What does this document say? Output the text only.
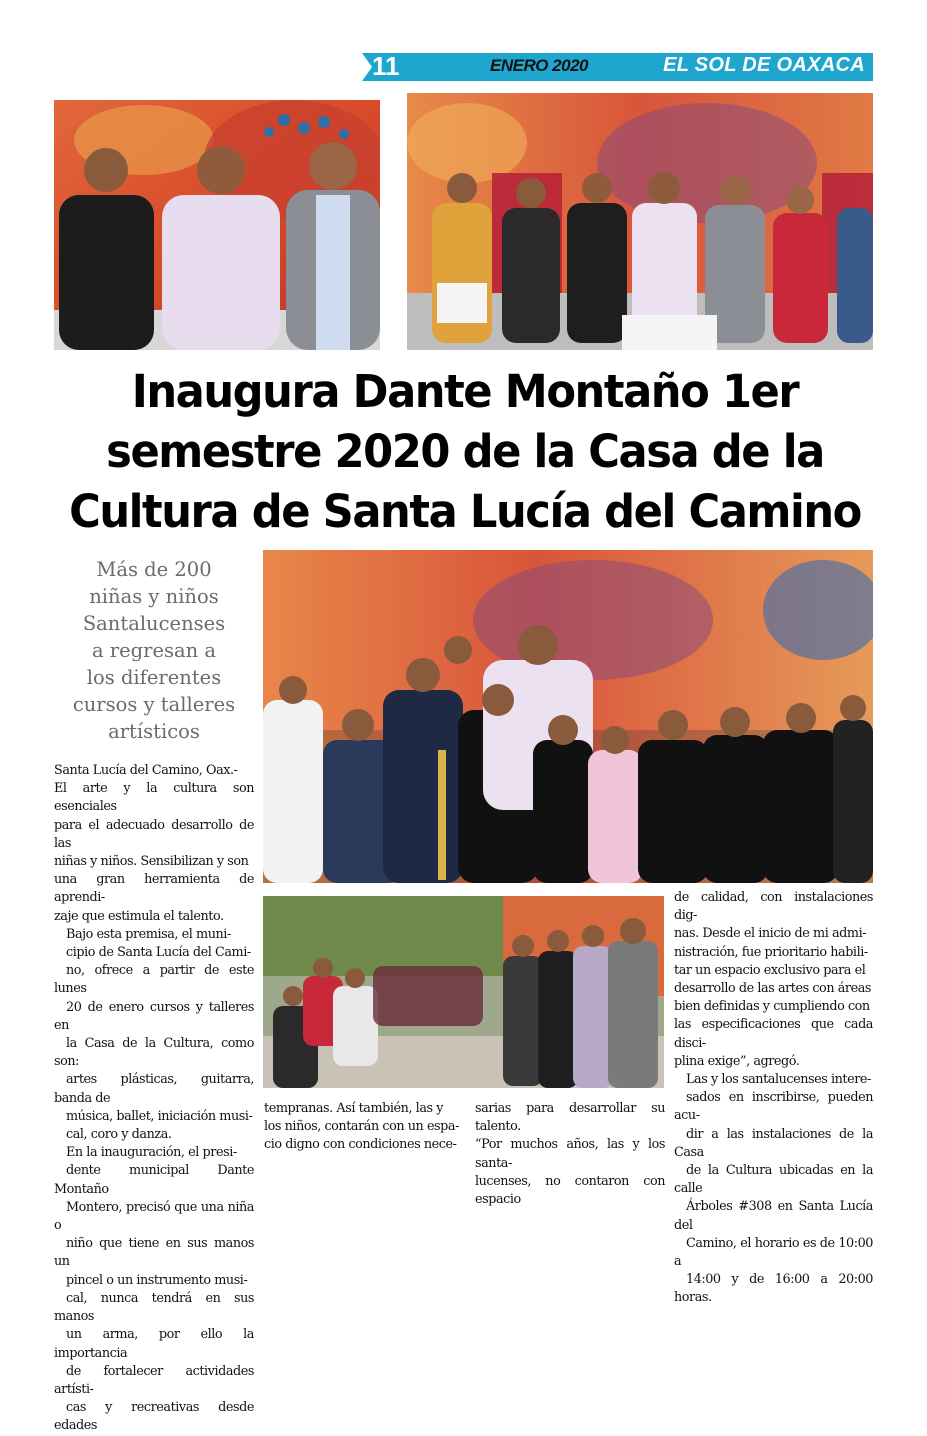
11	ENERO 2020	EL SOL DE OAXACA
Inaugura Dante Montaño 1er
semestre 2020 de la Casa de la
Cultura de Santa Lucía del Camino
Más de 200
niñas y niños
Santalucenses
a regresan a
los diferentes
cursos y talleres
artísticos

Santa Lucía del Camino, Oax.-
El arte y la cultura son esenciales
para el adecuado desarrollo de las
niñas y niños. Sensibilizan y son
una gran herramienta de aprendi-
zaje que estimula el talento.

Bajo esta premisa, el muni-
cipio de Santa Lucía del Cami-
no, ofrece a partir de este lunes
20 de enero cursos y talleres en
la Casa de la Cultura, como son:
artes plásticas, guitarra, banda de
música, ballet, iniciación musi-
cal, coro y danza.

En la inauguración, el presi-
dente municipal Dante Montaño
Montero, precisó que una niña o
niño que tiene en sus manos un
pincel o un instrumento musi-
cal, nunca tendrá en sus manos
un arma, por ello la importancia
de fortalecer actividades artísti-
cas y recreativas desde edades

tempranas. Así también, las y
los niños, contarán con un espa-
cio digno con condiciones nece-

sarias para desarrollar su talento.
“Por muchos años, las y los santa-
lucenses, no contaron con espacio

de calidad, con instalaciones dig-
nas. Desde el inicio de mi admi-
nistración, fue prioritario habili-
tar un espacio exclusivo para el
desarrollo de las artes con áreas
bien definidas y cumpliendo con
las especificaciones que cada disci-
plina exige”, agregó.

Las y los santalucenses intere-
sados en inscribirse, pueden acu-
dir a las instalaciones de la Casa
de la Cultura ubicadas en la calle
Árboles #308 en Santa Lucía del
Camino, el horario es de 10:00 a
14:00 y de 16:00 a 20:00 horas.
